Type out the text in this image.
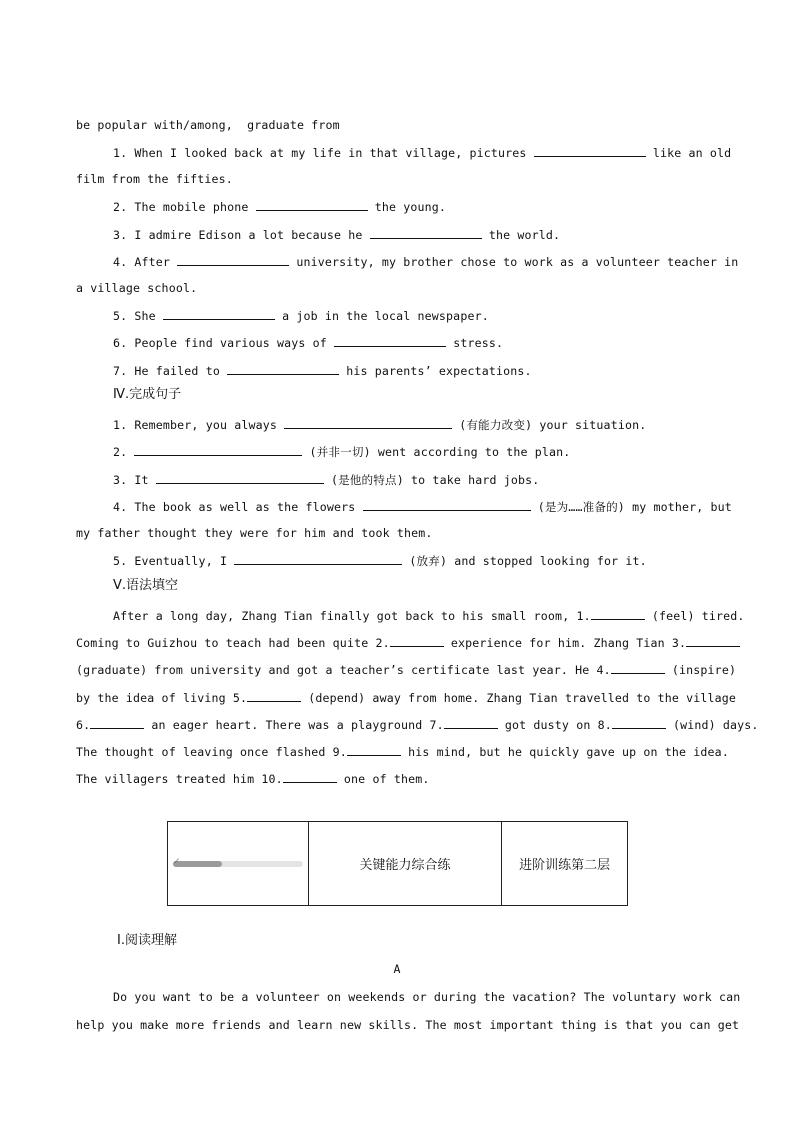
be popular with/among,  graduate from
1. When I looked back at my life in that village, pictures	like an old
film from the fifties.
2. The mobile phone	the young.
3. I admire Edison a lot because he	the world.
4. After	university, my brother chose to work as a volunteer teacher in
a village school.
5. She	a job in the local newspaper.
6. People find various ways of	stress.
7. He failed to	his parents’ expectations.
Ⅳ.完成句子
1. Remember, you always	(有能力改变) your situation.
2.	(并非一切) went according to the plan.
3. It	(是他的特点) to take hard jobs.
4. The book as well as the flowers	(是为……准备的) my mother, but
my father thought they were for him and took them.
5. Eventually, I	(放弃) and stopped looking for it.
Ⅴ.语法填空
After a long day, Zhang Tian finally got back to his small room, 1.	(feel) tired.
Coming to Guizhou to teach had been quite 2.	experience for him. Zhang Tian 3.
(graduate) from university and got a teacher’s certificate last year. He 4.	(inspire)
by the idea of living 5.	(depend) away from home. Zhang Tian travelled to the village
6.	an eager heart. There was a playground 7.	got dusty on 8.	(wind) days.
The thought of leaving once flashed 9.	his mind, but he quickly gave up on the idea.
The villagers treated him 10.	one of them.
✓	关键能力综合练	进阶训练第二层
Ⅰ.阅读理解
A
Do you want to be a volunteer on weekends or during the vacation? The voluntary work can
help you make more friends and learn new skills. The most important thing is that you can get
